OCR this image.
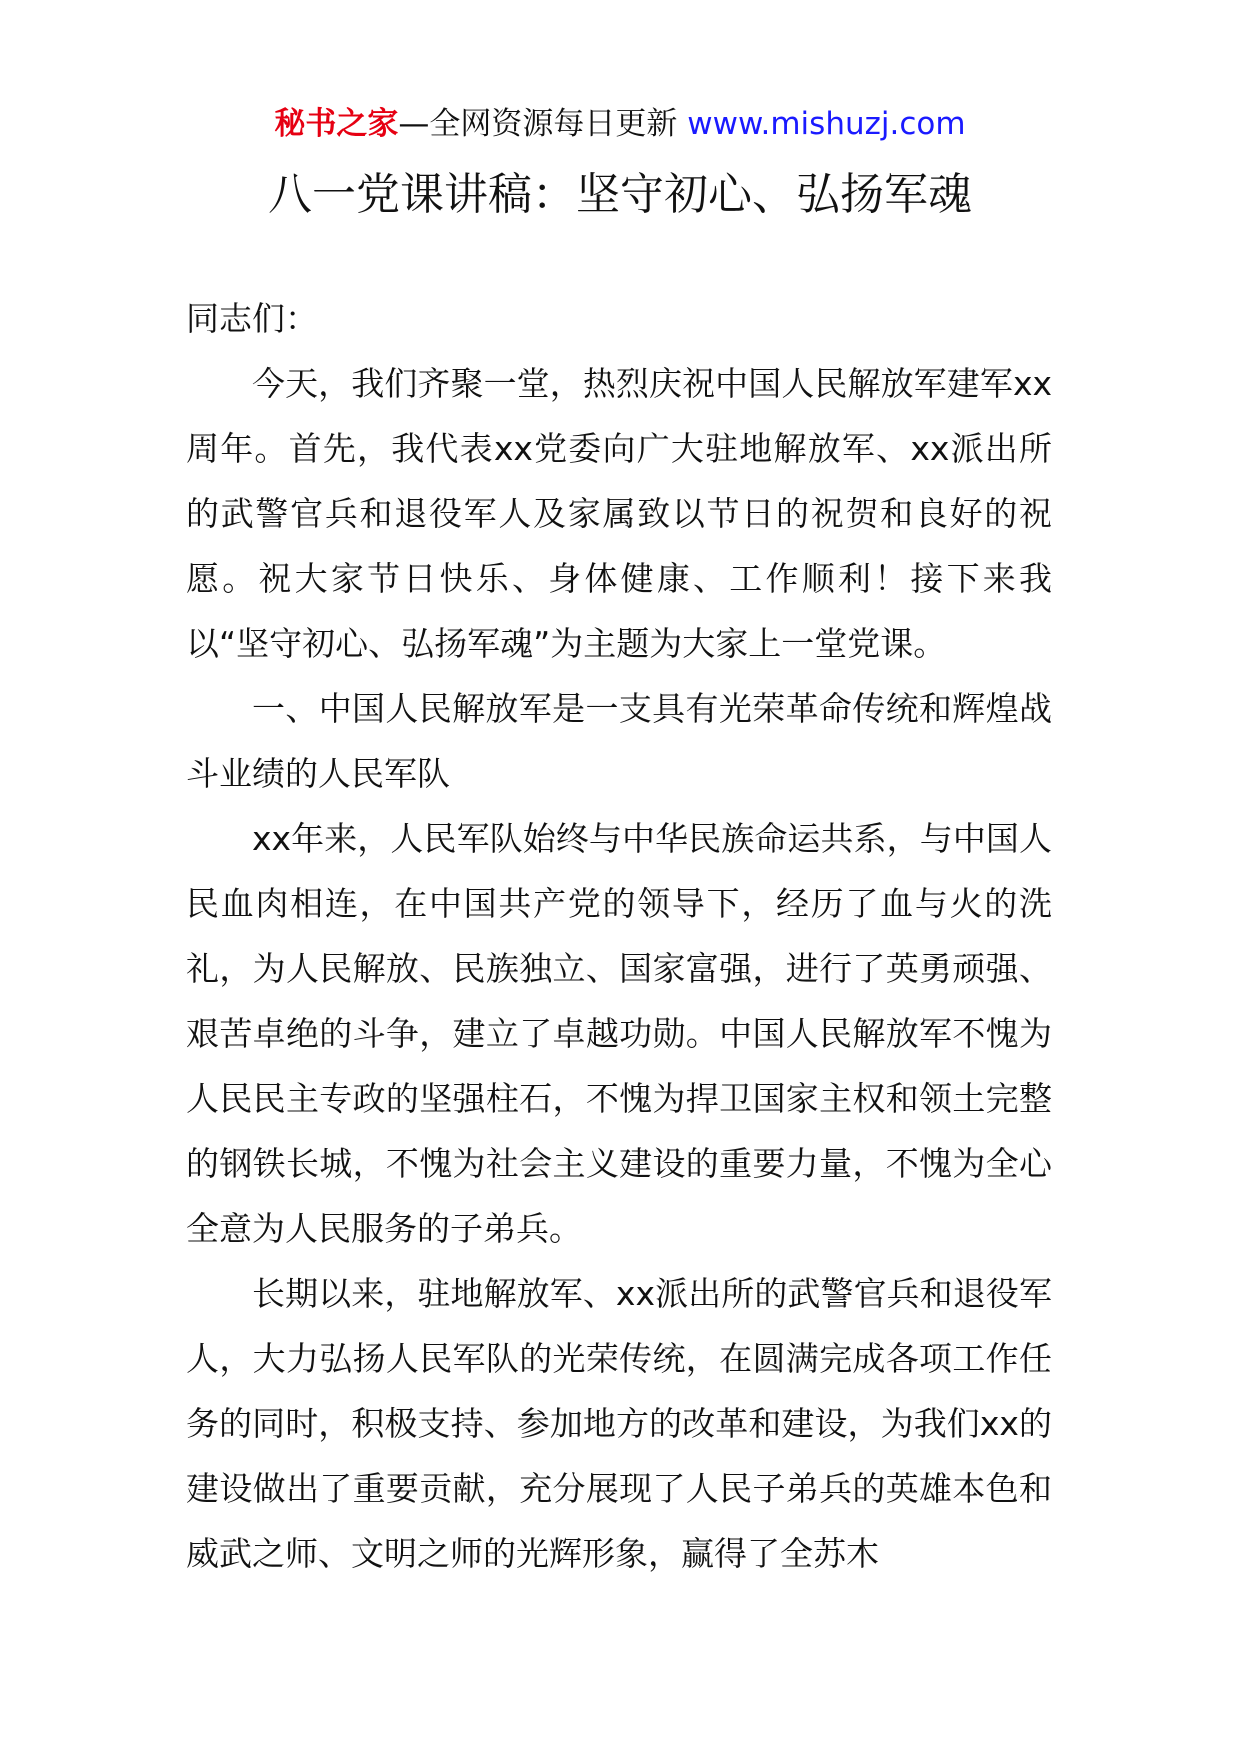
秘书之家—全网资源每日更新 www.mishuzj.com
八一党课讲稿：坚守初心、弘扬军魂

同志们：

今天，我们齐聚一堂，热烈庆祝中国人民解放军建军xx周年。首先，我代表xx党委向广大驻地解放军、xx派出所的武警官兵和退役军人及家属致以节日的祝贺和良好的祝愿。祝大家节日快乐、身体健康、工作顺利！接下来我以“坚守初心、弘扬军魂”为主题为大家上一堂党课。

一、中国人民解放军是一支具有光荣革命传统和辉煌战斗业绩的人民军队

xx年来，人民军队始终与中华民族命运共系，与中国人民血肉相连，在中国共产党的领导下，经历了血与火的洗礼，为人民解放、民族独立、国家富强，进行了英勇顽强、艰苦卓绝的斗争，建立了卓越功勋。中国人民解放军不愧为人民民主专政的坚强柱石，不愧为捍卫国家主权和领土完整的钢铁长城，不愧为社会主义建设的重要力量，不愧为全心全意为人民服务的子弟兵。

长期以来，驻地解放军、xx派出所的武警官兵和退役军人，大力弘扬人民军队的光荣传统，在圆满完成各项工作任务的同时，积极支持、参加地方的改革和建设，为我们xx的建设做出了重要贡献，充分展现了人民子弟兵的英雄本色和威武之师、文明之师的光辉形象，赢得了全苏木
